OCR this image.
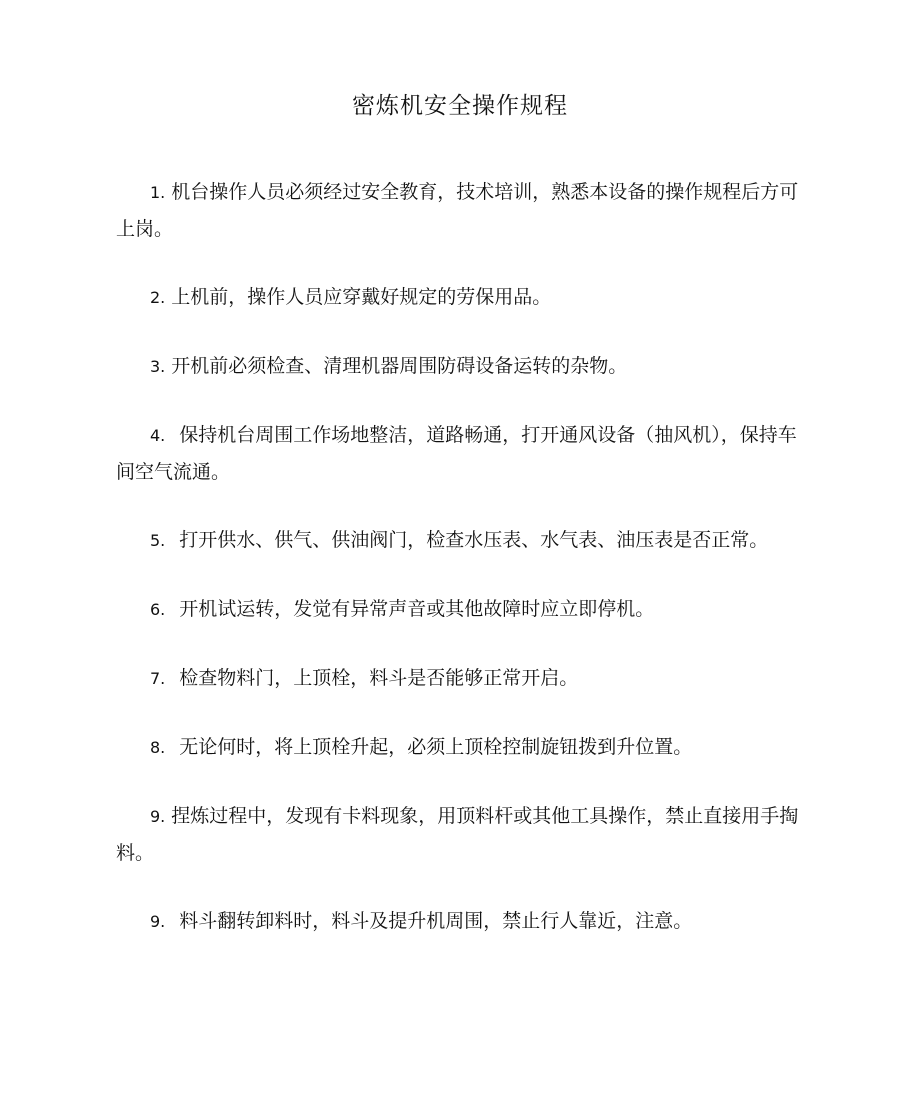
密炼机安全操作规程
1. 机台操作人员必须经过安全教育，技术培训，熟悉本设备的操作规程后方可上岗。
2. 上机前，操作人员应穿戴好规定的劳保用品。
3. 开机前必须检查、清理机器周围防碍设备运转的杂物。
4. 保持机台周围工作场地整洁，道路畅通，打开通风设备（抽风机），保持车间空气流通。
5. 打开供水、供气、供油阀门，检查水压表、水气表、油压表是否正常。
6. 开机试运转，发觉有异常声音或其他故障时应立即停机。
7. 检查物料门，上顶栓，料斗是否能够正常开启。
8. 无论何时，将上顶栓升起，必须上顶栓控制旋钮拨到升位置。
9. 捏炼过程中，发现有卡料现象，用顶料杆或其他工具操作，禁止直接用手掏料。
9. 料斗翻转卸料时，料斗及提升机周围，禁止行人靠近，注意。
